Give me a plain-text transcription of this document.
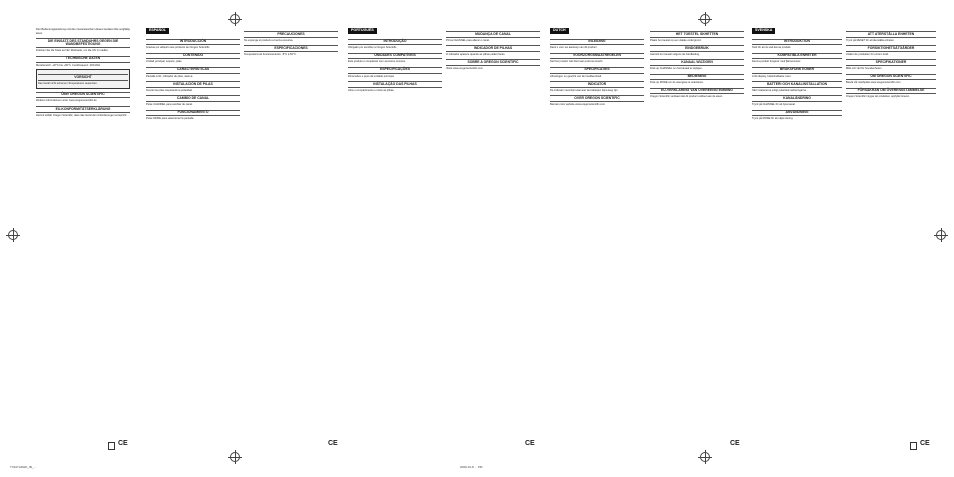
Den Bedienungsanleitung und dem Garantieschein dieses Gerätes bitte sorgfältig lesen.

DIE EINSATZ DES STANDUHRS GEGEN DIE WANDBEFESTIGUNG

Drücken Sie die Taste auf der Rückseite, um die Uhr zu stellen.

TECHNISCHE DATEN

Messbereich: -20°C bis +60°C. Funkfrequenz: 433 MHz.

VORSICHT

Das Gerät nicht extremen Temperaturen aussetzen.

Über OREGON SCIENTIFIC

Weitere Informationen unter www.oregonscientific.de

EU-KONFORMITÄTSERKLÄRUNG

Hiermit erklärt Oregon Scientific, dass das Gerät den Anforderungen entspricht.

ESPAÑOL
INTRODUCCIÓN

Gracias por adquirir este producto de Oregon Scientific.

CONTENIDO

Unidad principal, soporte, pilas.

CARACTERÍSTICAS

Pantalla LCD, indicador de pilas, alarma.

INSTALACIÓN DE PILAS

Inserte las pilas respetando la polaridad.

CAMBIO DE CANAL

Pulse CHANNEL para cambiar de canal.

FUNCIONAMIENTO

Pulse MODE para seleccionar la pantalla.

PRECAUCIONES

No exponga el producto a fuerza excesiva.

ESPECIFICACIONES

Temperatura de funcionamiento: -5°C a 50°C.

PORTUGUÊS
INTRODUÇÃO

Obrigado por escolher a Oregon Scientific.

UNIDADES COMPATÍVEIS

Este produto é compatível com sensores remotos.

ESPECIFICAÇÕES

Dimensões e peso da unidade principal.

INSTALAÇÃO DAS PILHAS

Abra o compartimento e insira as pilhas.

MUDANÇA DE CANAL

Prima CHANNEL para alterar o canal.

INDICADOR DE PILHAS

O indicador aparece quando as pilhas estão fracas.

SOBRE A OREGON SCIENTIFIC

Visite www.oregonscientific.com

DUTCH
INLEIDING

Dank u voor uw aankoop van dit product.

VOORZORGSMAATREGELEN

Stel het product niet bloot aan extreme kracht.

SPECIFICATIES

Afmetingen en gewicht van de hoofdeenheid.

INDICATOR

De indicator verschijnt wanneer de batterijen bijna leeg zijn.

OVER OREGON SCIENTIFIC

Bezoek onze website www.oregonscientific.com

HET TOESTEL SKHETTEN

Plaats het toestel op een vlakke ondergrond.

EINDGEBRUIK

Gebruik het toestel volgens de handleiding.

KANAAL WIJZIGEN

Druk op CHANNEL om het kanaal te wijzigen.

BEDIENING

Druk op MODE om de weergave te selecteren.

EU-VERKLARING VAN OVEREENSTEMMING

Oregon Scientific verklaart dat dit product voldoet aan de eisen.

SVENSKA
INTRODUKTION

Tack för att du valt denna produkt.

KOMPATIBLA ENHETER

Denna produkt fungerar med fjärrsensorer.

BRUKSFUNKTIONER

LCD-display, batteriindikator, larm.

BATTERI OCH KANALINSTALLATION

Sätt i batterierna enligt polaritetsmarkeringarna.

KANALÄNDRING

Tryck på CHANNEL för att byta kanal.

ANVÄNDNING

Tryck på MODE för att välja visning.

ATT ATERSTÄLLA ENHETEN

Tryck på RESET för att återställa enheten.

FÖRSIKTIGHETSÅTGÄRDER

Utsätt inte produkten för extrem kraft.

SPECIFIKATIONER

Mått och vikt för huvudenheten.

OM OREGON SCIENTIFIC

Besök vår webbplats www.oregonscientific.com

FÖRSÄKRAN OM ÖVERENSSTÄMMELSE

Oregon Scientific intygar att produkten uppfyller kraven.

CE	CE	CE	CE	CE
TX107ADHD_IB_...	2009-10-8 ... PM
